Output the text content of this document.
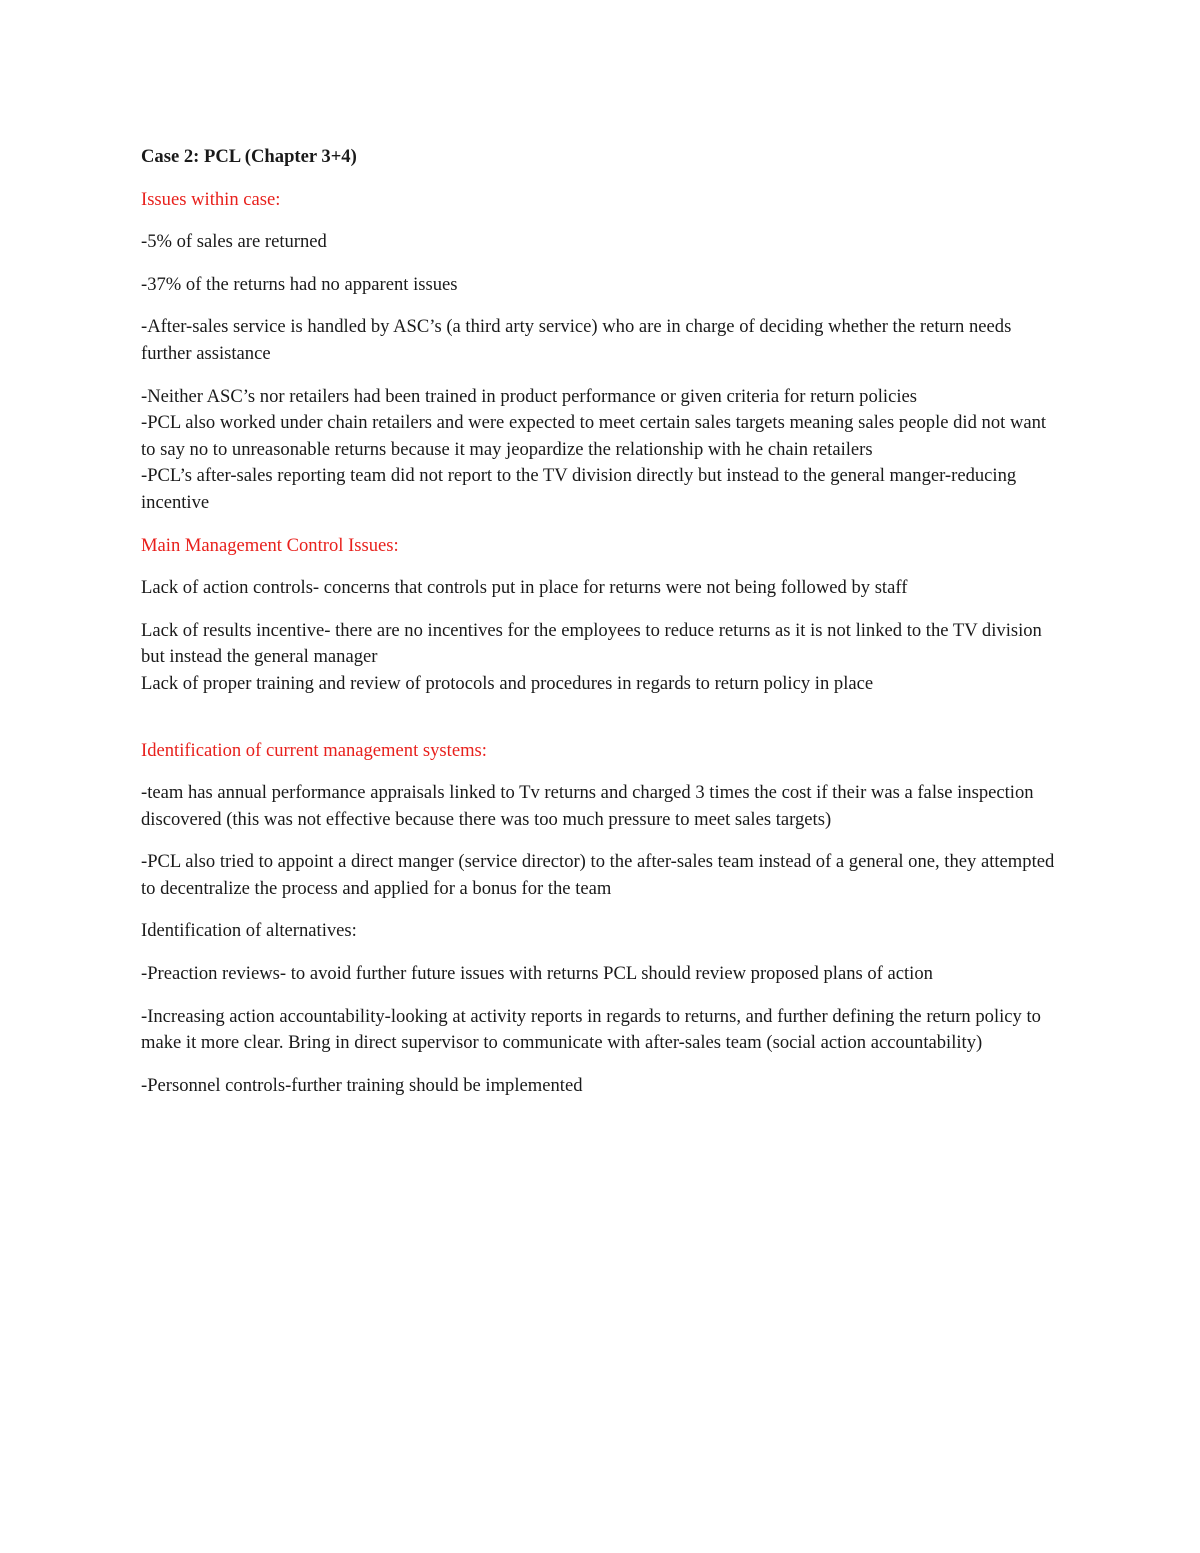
Case 2: PCL (Chapter 3+4)

Issues within case:

-5% of sales are returned

-37% of the returns had no apparent issues

-After-sales service is handled by ASC’s (a third arty service) who are in charge of deciding whether the return needs further assistance

-Neither ASC’s nor retailers had been trained in product performance or given criteria for return policies

-PCL also worked under chain retailers and were expected to meet certain sales targets meaning sales people did not want to say no to unreasonable returns because it may jeopardize the relationship with he chain retailers

-PCL’s after-sales reporting team did not report to the TV division directly but instead to the general manger-reducing incentive

Main Management Control Issues:

Lack of action controls- concerns that controls put in place for returns were not being followed by staff

Lack of results incentive- there are no incentives for the employees to reduce returns as it is not linked to the TV division but instead the general manager

Lack of proper training and review of protocols and procedures in regards to return policy in place

Identification of current management systems:

-team has annual performance appraisals linked to Tv returns and charged 3 times the cost if their was a false inspection discovered (this was not effective because there was too much pressure to meet sales targets)

-PCL also tried to appoint a direct manger (service director) to the after-sales team instead of a general one, they attempted to decentralize the process and applied for a bonus for the team

Identification of alternatives:

-Preaction reviews- to avoid further future issues with returns PCL should review proposed plans of action

-Increasing action accountability-looking at activity reports in regards to returns, and further defining the return policy to make it more clear. Bring in direct supervisor to communicate with after-sales team (social action accountability)

-Personnel controls-further training should be implemented
